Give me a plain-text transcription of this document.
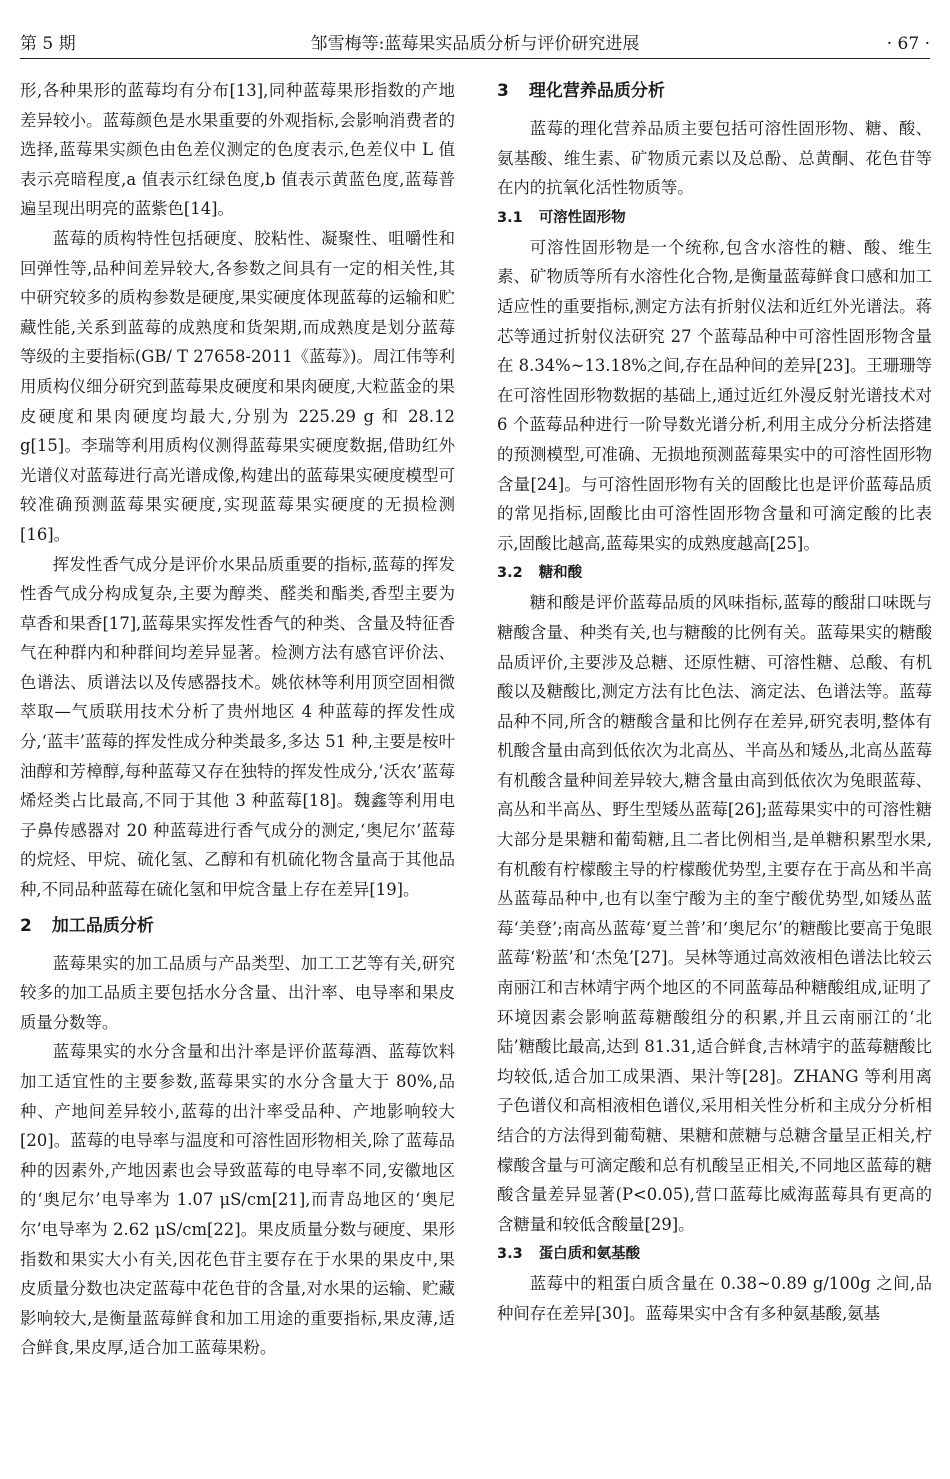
第 5 期	邹雪梅等:蓝莓果实品质分析与评价研究进展	· 67 ·

形,各种果形的蓝莓均有分布[13],同种蓝莓果形指数的产地差异较小。蓝莓颜色是水果重要的外观指标,会影响消费者的选择,蓝莓果实颜色由色差仪测定的色度表示,色差仪中 L 值表示亮暗程度,a 值表示红绿色度,b 值表示黄蓝色度,蓝莓普遍呈现出明亮的蓝紫色[14]。

蓝莓的质构特性包括硬度、胶粘性、凝聚性、咀嚼性和回弹性等,品种间差异较大,各参数之间具有一定的相关性,其中研究较多的质构参数是硬度,果实硬度体现蓝莓的运输和贮藏性能,关系到蓝莓的成熟度和货架期,而成熟度是划分蓝莓等级的主要指标(GB/ T 27658-2011《蓝莓》)。周江伟等利用质构仪细分研究到蓝莓果皮硬度和果肉硬度,大粒蓝金的果皮硬度和果肉硬度均最大,分别为 225.29 g 和 28.12 g[15]。李瑞等利用质构仪测得蓝莓果实硬度数据,借助红外光谱仪对蓝莓进行高光谱成像,构建出的蓝莓果实硬度模型可较准确预测蓝莓果实硬度,实现蓝莓果实硬度的无损检测[16]。

挥发性香气成分是评价水果品质重要的指标,蓝莓的挥发性香气成分构成复杂,主要为醇类、醛类和酯类,香型主要为草香和果香[17],蓝莓果实挥发性香气的种类、含量及特征香气在种群内和种群间均差异显著。检测方法有感官评价法、色谱法、质谱法以及传感器技术。姚依林等利用顶空固相微萃取—气质联用技术分析了贵州地区 4 种蓝莓的挥发性成分,‘蓝丰’蓝莓的挥发性成分种类最多,多达 51 种,主要是桉叶油醇和芳樟醇,每种蓝莓又存在独特的挥发性成分,‘沃农’蓝莓烯烃类占比最高,不同于其他 3 种蓝莓[18]。魏鑫等利用电子鼻传感器对 20 种蓝莓进行香气成分的测定,‘奥尼尔’蓝莓的烷烃、甲烷、硫化氢、乙醇和有机硫化物含量高于其他品种,不同品种蓝莓在硫化氢和甲烷含量上存在差异[19]。

2 加工品质分析

蓝莓果实的加工品质与产品类型、加工工艺等有关,研究较多的加工品质主要包括水分含量、出汁率、电导率和果皮质量分数等。

蓝莓果实的水分含量和出汁率是评价蓝莓酒、蓝莓饮料加工适宜性的主要参数,蓝莓果实的水分含量大于 80%,品种、产地间差异较小,蓝莓的出汁率受品种、产地影响较大[20]。蓝莓的电导率与温度和可溶性固形物相关,除了蓝莓品种的因素外,产地因素也会导致蓝莓的电导率不同,安徽地区的‘奥尼尔’电导率为 1.07 μS/cm[21],而青岛地区的‘奥尼尔’电导率为 2.62 μS/cm[22]。果皮质量分数与硬度、果形指数和果实大小有关,因花色苷主要存在于水果的果皮中,果皮质量分数也决定蓝莓中花色苷的含量,对水果的运输、贮藏影响较大,是衡量蓝莓鲜食和加工用途的重要指标,果皮薄,适合鲜食,果皮厚,适合加工蓝莓果粉。

3 理化营养品质分析

蓝莓的理化营养品质主要包括可溶性固形物、糖、酸、氨基酸、维生素、矿物质元素以及总酚、总黄酮、花色苷等在内的抗氧化活性物质等。

3.1 可溶性固形物

可溶性固形物是一个统称,包含水溶性的糖、酸、维生素、矿物质等所有水溶性化合物,是衡量蓝莓鲜食口感和加工适应性的重要指标,测定方法有折射仪法和近红外光谱法。蒋芯等通过折射仪法研究 27 个蓝莓品种中可溶性固形物含量在 8.34%~13.18%之间,存在品种间的差异[23]。王珊珊等在可溶性固形物数据的基础上,通过近红外漫反射光谱技术对 6 个蓝莓品种进行一阶导数光谱分析,利用主成分分析法搭建的预测模型,可准确、无损地预测蓝莓果实中的可溶性固形物含量[24]。与可溶性固形物有关的固酸比也是评价蓝莓品质的常见指标,固酸比由可溶性固形物含量和可滴定酸的比表示,固酸比越高,蓝莓果实的成熟度越高[25]。

3.2 糖和酸

糖和酸是评价蓝莓品质的风味指标,蓝莓的酸甜口味既与糖酸含量、种类有关,也与糖酸的比例有关。蓝莓果实的糖酸品质评价,主要涉及总糖、还原性糖、可溶性糖、总酸、有机酸以及糖酸比,测定方法有比色法、滴定法、色谱法等。蓝莓品种不同,所含的糖酸含量和比例存在差异,研究表明,整体有机酸含量由高到低依次为北高丛、半高丛和矮丛,北高丛蓝莓有机酸含量种间差异较大,糖含量由高到低依次为兔眼蓝莓、高丛和半高丛、野生型矮丛蓝莓[26];蓝莓果实中的可溶性糖大部分是果糖和葡萄糖,且二者比例相当,是单糖积累型水果,有机酸有柠檬酸主导的柠檬酸优势型,主要存在于高丛和半高丛蓝莓品种中,也有以奎宁酸为主的奎宁酸优势型,如矮丛蓝莓‘美登’;南高丛蓝莓‘夏兰普’和‘奥尼尔’的糖酸比要高于兔眼蓝莓‘粉蓝’和‘杰兔’[27]。吴林等通过高效液相色谱法比较云南丽江和吉林靖宇两个地区的不同蓝莓品种糖酸组成,证明了环境因素会影响蓝莓糖酸组分的积累,并且云南丽江的‘北陆’糖酸比最高,达到 81.31,适合鲜食,吉林靖宇的蓝莓糖酸比均较低,适合加工成果酒、果汁等[28]。ZHANG 等利用离子色谱仪和高相液相色谱仪,采用相关性分析和主成分分析相结合的方法得到葡萄糖、果糖和蔗糖与总糖含量呈正相关,柠檬酸含量与可滴定酸和总有机酸呈正相关,不同地区蓝莓的糖酸含量差异显著(P<0.05),营口蓝莓比威海蓝莓具有更高的含糖量和较低含酸量[29]。

3.3 蛋白质和氨基酸

蓝莓中的粗蛋白质含量在 0.38~0.89 g/100g 之间,品种间存在差异[30]。蓝莓果实中含有多种氨基酸,氨基
